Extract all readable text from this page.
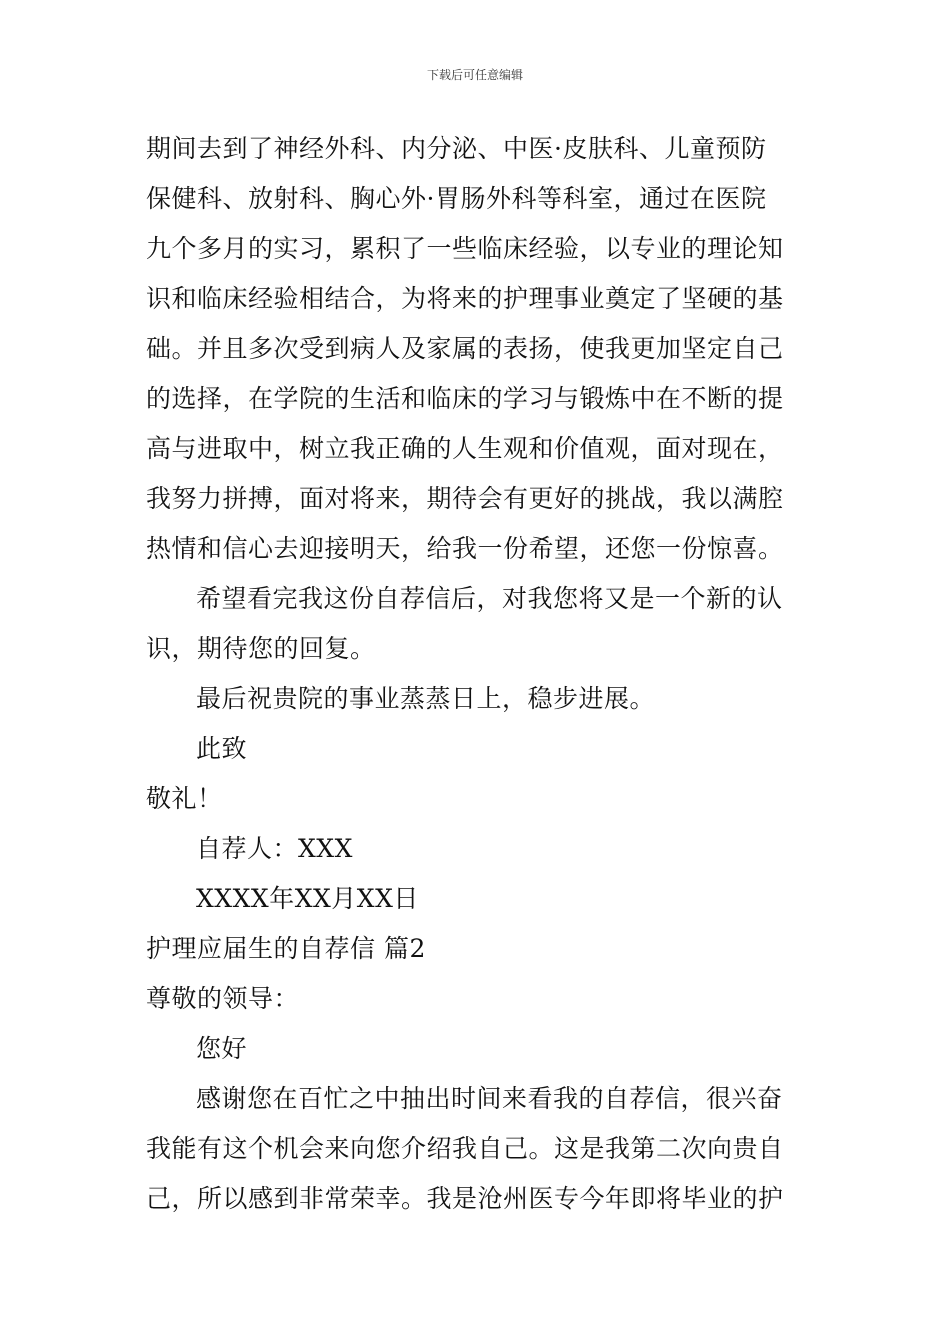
下载后可任意编辑
期间去到了神经外科、内分泌、中医·皮肤科、儿童预防
保健科、放射科、胸心外·胃肠外科等科室，通过在医院
九个多月的实习，累积了一些临床经验，以专业的理论知
识和临床经验相结合，为将来的护理事业奠定了坚硬的基
础。并且多次受到病人及家属的表扬，使我更加坚定自己
的选择，在学院的生活和临床的学习与锻炼中在不断的提
高与进取中，树立我正确的人生观和价值观，面对现在，
我努力拼搏，面对将来，期待会有更好的挑战，我以满腔
热情和信心去迎接明天，给我一份希望，还您一份惊喜。
希望看完我这份自荐信后，对我您将又是一个新的认
识，期待您的回复。
最后祝贵院的事业蒸蒸日上，稳步进展。
此致
敬礼！
自荐人：XXX
XXXX年XX月XX日
护理应届生的自荐信 篇2
尊敬的领导：
您好
感谢您在百忙之中抽出时间来看我的自荐信，很兴奋
我能有这个机会来向您介绍我自己。这是我第二次向贵自
己，所以感到非常荣幸。我是沧州医专今年即将毕业的护
